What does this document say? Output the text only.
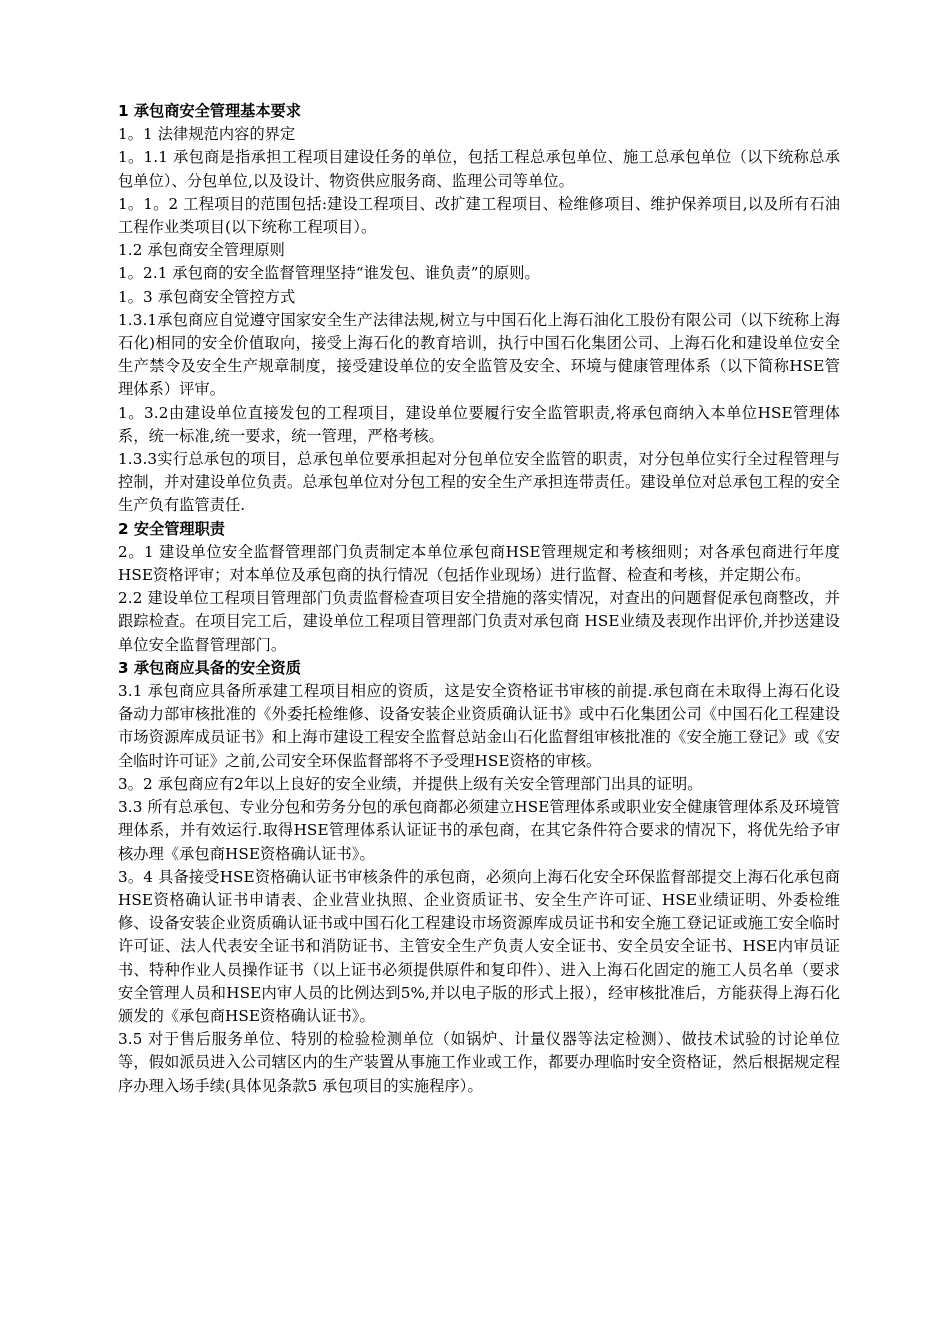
1 承包商安全管理基本要求

1。1 法律规范内容的界定

1。1.1 承包商是指承担工程项目建设任务的单位，包括工程总承包单位、施工总承包单位（以下统称总承包单位）、分包单位,以及设计、物资供应服务商、监理公司等单位。

1。1。2 工程项目的范围包括:建设工程项目、改扩建工程项目、检维修项目、维护保养项目,以及所有石油工程作业类项目(以下统称工程项目）。

1.2 承包商安全管理原则

1。2.1 承包商的安全监督管理坚持“谁发包、谁负责”的原则。

1。3 承包商安全管控方式

1.3.1承包商应自觉遵守国家安全生产法律法规,树立与中国石化上海石油化工股份有限公司（以下统称上海石化)相同的安全价值取向，接受上海石化的教育培训，执行中国石化集团公司、上海石化和建设单位安全生产禁令及安全生产规章制度，接受建设单位的安全监管及安全、环境与健康管理体系（以下简称HSE管理体系）评审。

1。3.2由建设单位直接发包的工程项目，建设单位要履行安全监管职责,将承包商纳入本单位HSE管理体系，统一标准,统一要求，统一管理，严格考核。

1.3.3实行总承包的项目，总承包单位要承担起对分包单位安全监管的职责，对分包单位实行全过程管理与控制，并对建设单位负责。总承包单位对分包工程的安全生产承担连带责任。建设单位对总承包工程的安全生产负有监管责任.

2 安全管理职责

2。1 建设单位安全监督管理部门负责制定本单位承包商HSE管理规定和考核细则；对各承包商进行年度HSE资格评审；对本单位及承包商的执行情况（包括作业现场）进行监督、检查和考核，并定期公布。

2.2 建设单位工程项目管理部门负责监督检查项目安全措施的落实情况，对查出的问题督促承包商整改，并跟踪检查。在项目完工后，建设单位工程项目管理部门负责对承包商 HSE业绩及表现作出评价,并抄送建设单位安全监督管理部门。

3 承包商应具备的安全资质

3.1 承包商应具备所承建工程项目相应的资质，这是安全资格证书审核的前提.承包商在未取得上海石化设备动力部审核批准的《外委托检维修、设备安装企业资质确认证书》或中石化集团公司《中国石化工程建设市场资源库成员证书》和上海市建设工程安全监督总站金山石化监督组审核批准的《安全施工登记》或《安全临时许可证》之前,公司安全环保监督部将不予受理HSE资格的审核。

3。2 承包商应有2年以上良好的安全业绩，并提供上级有关安全管理部门出具的证明。

3.3 所有总承包、专业分包和劳务分包的承包商都必须建立HSE管理体系或职业安全健康管理体系及环境管理体系，并有效运行.取得HSE管理体系认证证书的承包商，在其它条件符合要求的情况下，将优先给予审核办理《承包商HSE资格确认证书》。

3。4 具备接受HSE资格确认证书审核条件的承包商，必须向上海石化安全环保监督部提交上海石化承包商HSE资格确认证书申请表、企业营业执照、企业资质证书、安全生产许可证、HSE业绩证明、外委检维修、设备安装企业资质确认证书或中国石化工程建设市场资源库成员证书和安全施工登记证或施工安全临时许可证、法人代表安全证书和消防证书、主管安全生产负责人安全证书、安全员安全证书、HSE内审员证书、特种作业人员操作证书（以上证书必须提供原件和复印件）、进入上海石化固定的施工人员名单（要求安全管理人员和HSE内审人员的比例达到5%,并以电子版的形式上报），经审核批准后，方能获得上海石化颁发的《承包商HSE资格确认证书》。

3.5 对于售后服务单位、特别的检验检测单位（如锅炉、计量仪器等法定检测）、做技术试验的讨论单位等，假如派员进入公司辖区内的生产装置从事施工作业或工作，都要办理临时安全资格证，然后根据规定程序办理入场手续(具体见条款5 承包项目的实施程序）。
